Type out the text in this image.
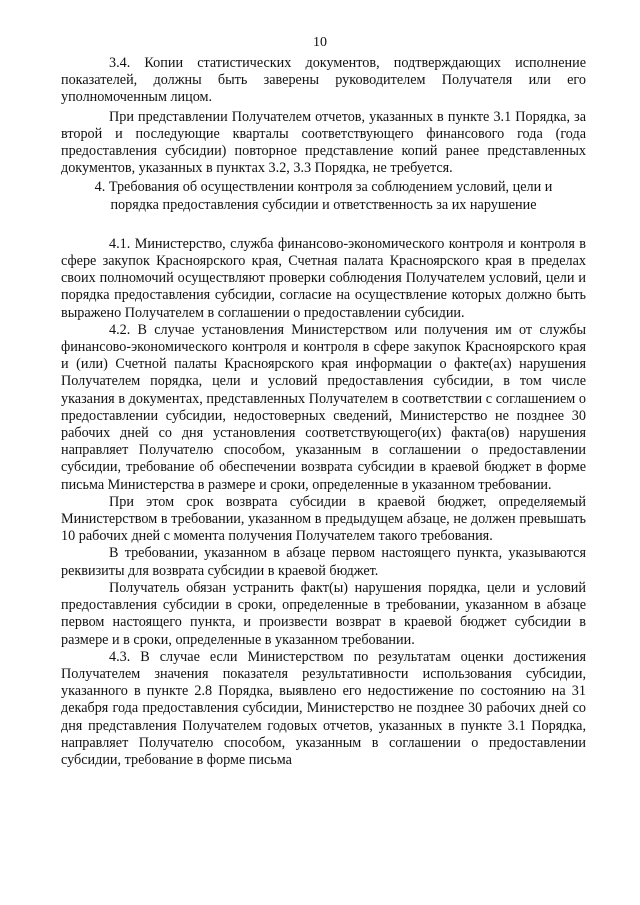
10

3.4. Копии статистических документов, подтверждающих исполнение показателей, должны быть заверены руководителем Получателя или его уполномоченным лицом.

При представлении Получателем отчетов, указанных в пункте 3.1 Порядка, за второй и последующие кварталы соответствующего финансового года (года предоставления субсидии) повторное представление копий ранее представленных документов, указанных в пунктах 3.2, 3.3 Порядка, не требуется.

4. Требования об осуществлении контроля за соблюдением условий, цели и порядка предоставления субсидии и ответственность за их нарушение

4.1. Министерство, служба финансово-экономического контроля и контроля в сфере закупок Красноярского края, Счетная палата Красноярского края в пределах своих полномочий осуществляют проверки соблюдения Получателем условий, цели и порядка предоставления субсидии, согласие на осуществление которых должно быть выражено Получателем в соглашении о предоставлении субсидии.

4.2. В случае установления Министерством или получения им от службы финансово-экономического контроля и контроля в сфере закупок Красноярского края и (или) Счетной палаты Красноярского края информации о факте(ах) нарушения Получателем порядка, цели и условий предоставления субсидии, в том числе указания в документах, представленных Получателем в соответствии с соглашением о предоставлении субсидии, недостоверных сведений, Министерство не позднее 30 рабочих дней со дня установления соответствующего(их) факта(ов) нарушения направляет Получателю способом, указанным в соглашении о предоставлении субсидии, требование об обеспечении возврата субсидии в краевой бюджет в форме письма Министерства в размере и сроки, определенные в указанном требовании.

При этом срок возврата субсидии в краевой бюджет, определяемый Министерством в требовании, указанном в предыдущем абзаце, не должен превышать 10 рабочих дней с момента получения Получателем такого требования.

В требовании, указанном в абзаце первом настоящего пункта, указываются реквизиты для возврата субсидии в краевой бюджет.

Получатель обязан устранить факт(ы) нарушения порядка, цели и условий предоставления субсидии в сроки, определенные в требовании, указанном в абзаце первом настоящего пункта, и произвести возврат в краевой бюджет субсидии в размере и в сроки, определенные в указанном требовании.

4.3. В случае если Министерством по результатам оценки достижения Получателем значения показателя результативности использования субсидии, указанного в пункте 2.8 Порядка, выявлено его недостижение по состоянию на 31 декабря года предоставления субсидии, Министерство не позднее 30 рабочих дней со дня представления Получателем годовых отчетов, указанных в пункте 3.1 Порядка, направляет Получателю способом, указанным в соглашении о предоставлении субсидии, требование в форме письма
